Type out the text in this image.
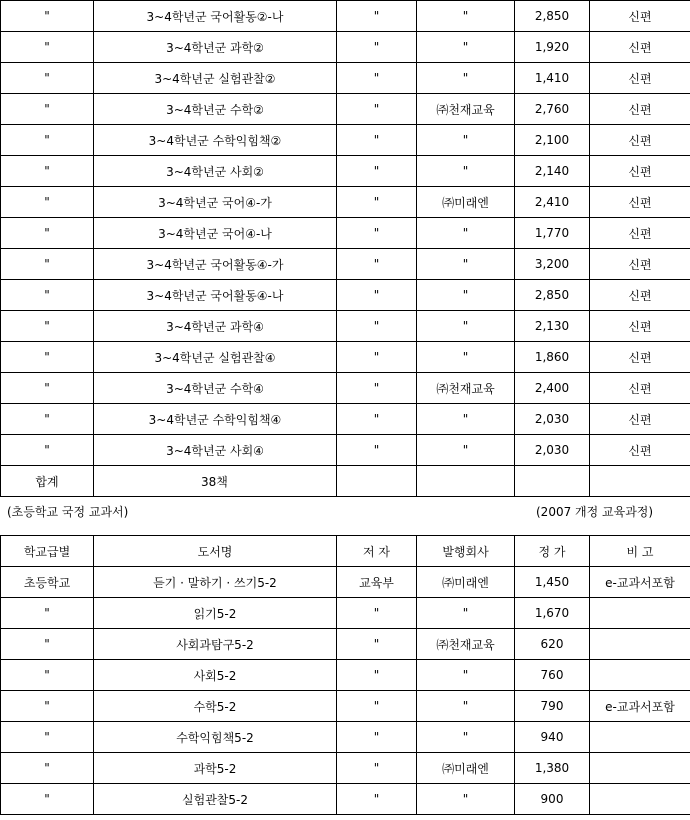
"	3~4학년군 국어활동②-나	"	"	2,850	신편
"	3~4학년군 과학②	"	"	1,920	신편
"	3~4학년군 실험관찰②	"	"	1,410	신편
"	3~4학년군 수학②	"	㈜천재교육	2,760	신편
"	3~4학년군 수학익힘책②	"	"	2,100	신편
"	3~4학년군 사회②	"	"	2,140	신편
"	3~4학년군 국어④-가	"	㈜미래엔	2,410	신편
"	3~4학년군 국어④-나	"	"	1,770	신편
"	3~4학년군 국어활동④-가	"	"	3,200	신편
"	3~4학년군 국어활동④-나	"	"	2,850	신편
"	3~4학년군 과학④	"	"	2,130	신편
"	3~4학년군 실험관찰④	"	"	1,860	신편
"	3~4학년군 수학④	"	㈜천재교육	2,400	신편
"	3~4학년군 수학익힘책④	"	"	2,030	신편
"	3~4학년군 사회④	"	"	2,030	신편
합계	38책				
(초등학교 국정 교과서)	(2007 개정 교육과정)
학교급별	도서명	저 자	발행회사	정 가	비 고
초등학교	듣기 · 말하기 · 쓰기5-2	교육부	㈜미래엔	1,450	e-교과서포함
"	읽기5-2	"	"	1,670	
"	사회과탐구5-2	"	㈜천재교육	620	
"	사회5-2	"	"	760	
"	수학5-2	"	"	790	e-교과서포함
"	수학익힘책5-2	"	"	940	
"	과학5-2	"	㈜미래엔	1,380	
"	실험관찰5-2	"	"	900	
